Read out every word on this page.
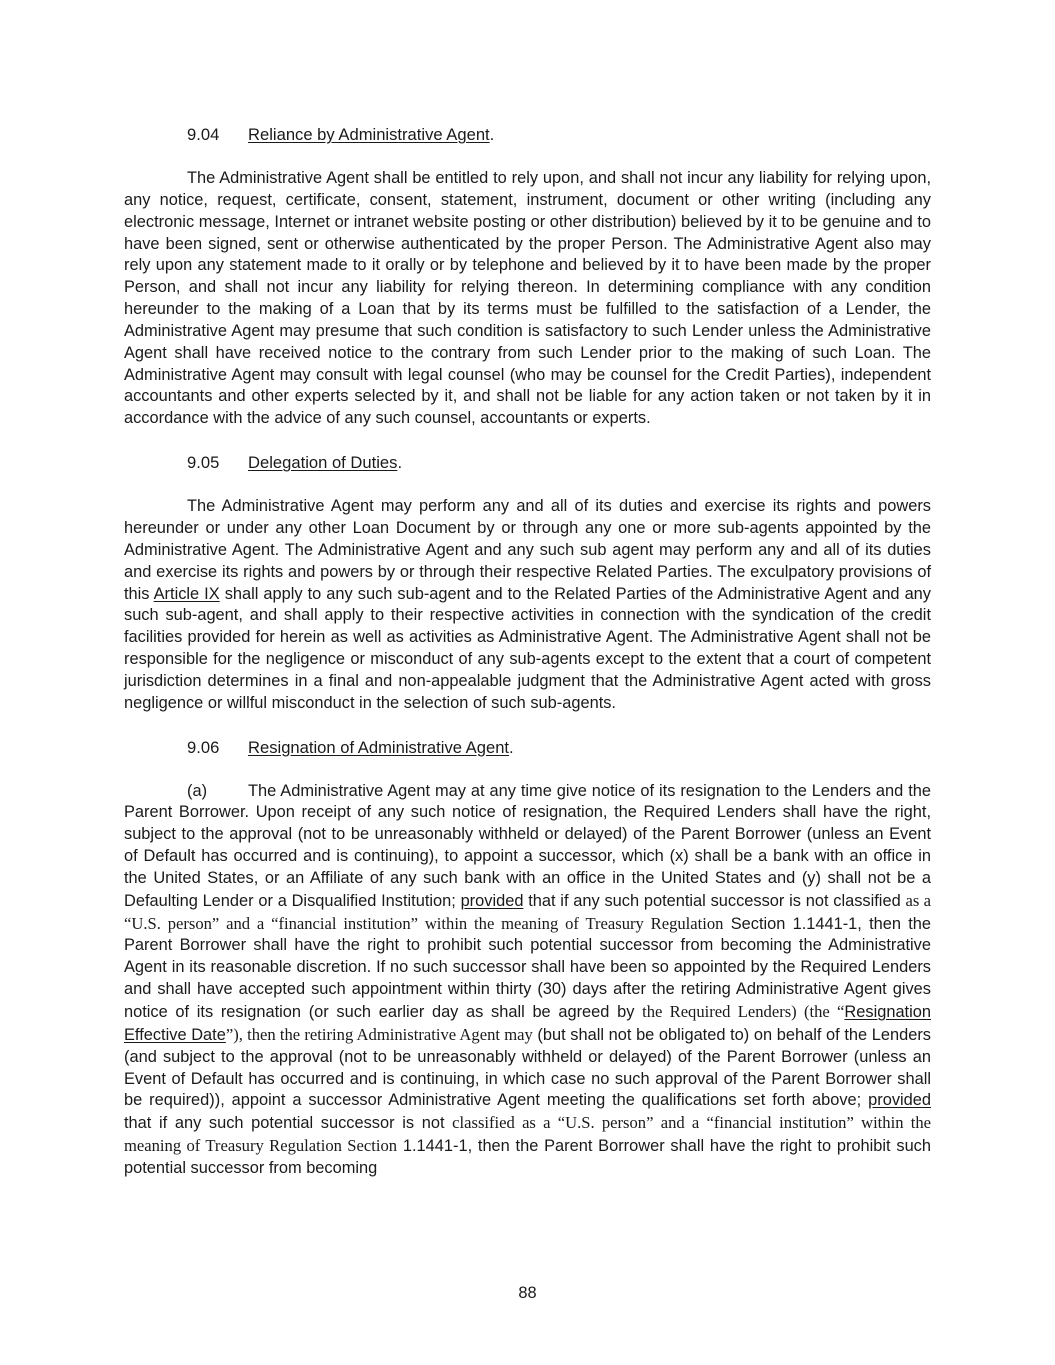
9.04 Reliance by Administrative Agent.

The Administrative Agent shall be entitled to rely upon, and shall not incur any liability for relying upon, any notice, request, certificate, consent, statement, instrument, document or other writing (including any electronic message, Internet or intranet website posting or other distribution) believed by it to be genuine and to have been signed, sent or otherwise authenticated by the proper Person. The Administrative Agent also may rely upon any statement made to it orally or by telephone and believed by it to have been made by the proper Person, and shall not incur any liability for relying thereon. In determining compliance with any condition hereunder to the making of a Loan that by its terms must be fulfilled to the satisfaction of a Lender, the Administrative Agent may presume that such condition is satisfactory to such Lender unless the Administrative Agent shall have received notice to the contrary from such Lender prior to the making of such Loan. The Administrative Agent may consult with legal counsel (who may be counsel for the Credit Parties), independent accountants and other experts selected by it, and shall not be liable for any action taken or not taken by it in accordance with the advice of any such counsel, accountants or experts.

9.05 Delegation of Duties.

The Administrative Agent may perform any and all of its duties and exercise its rights and powers hereunder or under any other Loan Document by or through any one or more sub-agents appointed by the Administrative Agent. The Administrative Agent and any such sub agent may perform any and all of its duties and exercise its rights and powers by or through their respective Related Parties. The exculpatory provisions of this Article IX shall apply to any such sub-agent and to the Related Parties of the Administrative Agent and any such sub-agent, and shall apply to their respective activities in connection with the syndication of the credit facilities provided for herein as well as activities as Administrative Agent. The Administrative Agent shall not be responsible for the negligence or misconduct of any sub-agents except to the extent that a court of competent jurisdiction determines in a final and non-appealable judgment that the Administrative Agent acted with gross negligence or willful misconduct in the selection of such sub-agents.

9.06 Resignation of Administrative Agent.

(a) The Administrative Agent may at any time give notice of its resignation to the Lenders and the Parent Borrower. Upon receipt of any such notice of resignation, the Required Lenders shall have the right, subject to the approval (not to be unreasonably withheld or delayed) of the Parent Borrower (unless an Event of Default has occurred and is continuing), to appoint a successor, which (x) shall be a bank with an office in the United States, or an Affiliate of any such bank with an office in the United States and (y) shall not be a Defaulting Lender or a Disqualified Institution; provided that if any such potential successor is not classified as a “U.S. person” and a “financial institution” within the meaning of Treasury Regulation Section 1.1441-1, then the Parent Borrower shall have the right to prohibit such potential successor from becoming the Administrative Agent in its reasonable discretion. If no such successor shall have been so appointed by the Required Lenders and shall have accepted such appointment within thirty (30) days after the retiring Administrative Agent gives notice of its resignation (or such earlier day as shall be agreed by the Required Lenders) (the “Resignation Effective Date”), then the retiring Administrative Agent may (but shall not be obligated to) on behalf of the Lenders (and subject to the approval (not to be unreasonably withheld or delayed) of the Parent Borrower (unless an Event of Default has occurred and is continuing, in which case no such approval of the Parent Borrower shall be required)), appoint a successor Administrative Agent meeting the qualifications set forth above; provided that if any such potential successor is not classified as a “U.S. person” and a “financial institution” within the meaning of Treasury Regulation Section 1.1441-1, then the Parent Borrower shall have the right to prohibit such potential successor from becoming

88
